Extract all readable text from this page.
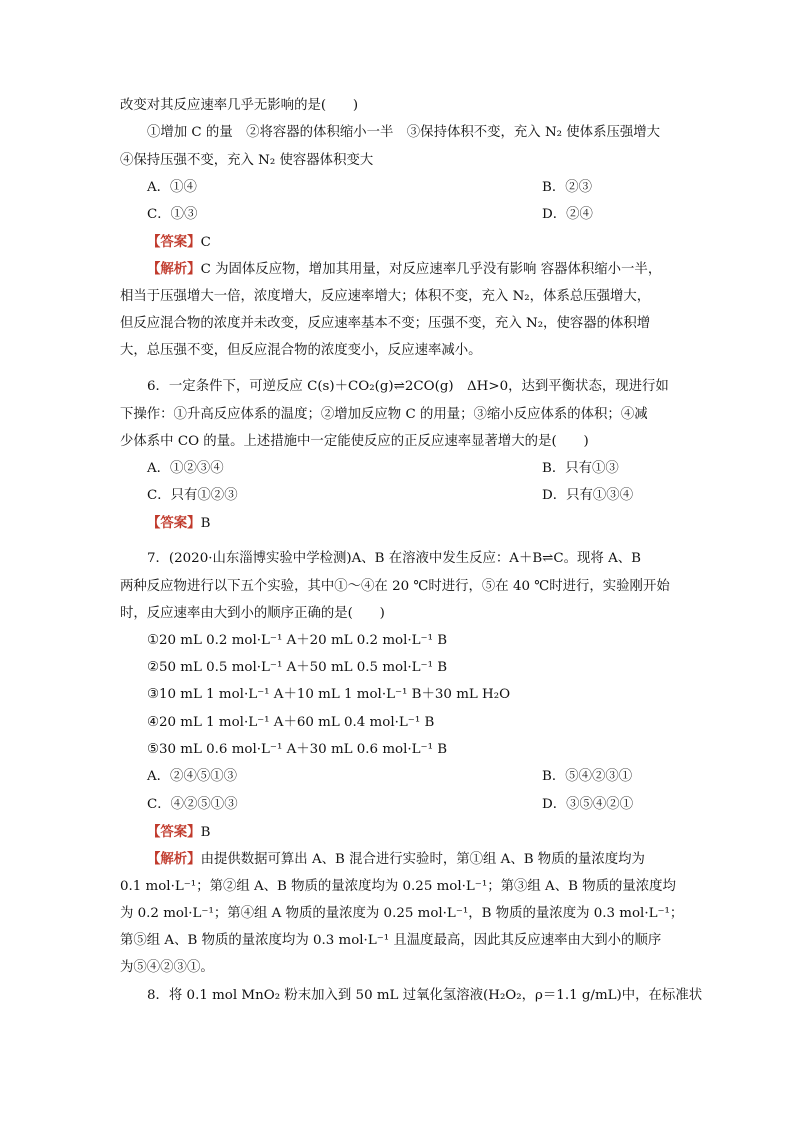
改变对其反应速率几乎无影响的是(　　)
①增加 C 的量　②将容器的体积缩小一半　③保持体积不变，充入 N₂ 使体系压强增大
④保持压强不变，充入 N₂ 使容器体积变大
A．①④	B．②③
C．①③	D．②④
【答案】C
【解析】C 为固体反应物，增加其用量，对反应速率几乎没有影响 容器体积缩小一半，
相当于压强增大一倍，浓度增大，反应速率增大；体积不变，充入 N₂，体系总压强增大，
但反应混合物的浓度并未改变，反应速率基本不变；压强不变，充入 N₂，使容器的体积增
大，总压强不变，但反应混合物的浓度变小，反应速率减小。
6．一定条件下，可逆反应 C(s)＋CO₂(g)⇌2CO(g)　ΔH>0，达到平衡状态，现进行如
下操作：①升高反应体系的温度；②增加反应物 C 的用量；③缩小反应体系的体积；④减
少体系中 CO 的量。上述措施中一定能使反应的正反应速率显著增大的是(　　)
A．①②③④	B．只有①③
C．只有①②③	D．只有①③④
【答案】B
7．(2020·山东淄博实验中学检测)A、B 在溶液中发生反应：A＋B⇌C。现将 A、B
两种反应物进行以下五个实验，其中①～④在 20 ℃时进行，⑤在 40 ℃时进行，实验刚开始
时，反应速率由大到小的顺序正确的是(　　)
①20 mL 0.2 mol·L⁻¹ A＋20 mL 0.2 mol·L⁻¹ B
②50 mL 0.5 mol·L⁻¹ A＋50 mL 0.5 mol·L⁻¹ B
③10 mL 1 mol·L⁻¹ A＋10 mL 1 mol·L⁻¹ B＋30 mL H₂O
④20 mL 1 mol·L⁻¹ A＋60 mL 0.4 mol·L⁻¹ B
⑤30 mL 0.6 mol·L⁻¹ A＋30 mL 0.6 mol·L⁻¹ B
A．②④⑤①③	B．⑤④②③①
C．④②⑤①③	D．③⑤④②①
【答案】B
【解析】由提供数据可算出 A、B 混合进行实验时，第①组 A、B 物质的量浓度均为
0.1 mol·L⁻¹；第②组 A、B 物质的量浓度均为 0.25 mol·L⁻¹；第③组 A、B 物质的量浓度均
为 0.2 mol·L⁻¹；第④组 A 物质的量浓度为 0.25 mol·L⁻¹，B 物质的量浓度为 0.3 mol·L⁻¹；
第⑤组 A、B 物质的量浓度均为 0.3 mol·L⁻¹ 且温度最高，因此其反应速率由大到小的顺序
为⑤④②③①。
8．将 0.1 mol MnO₂ 粉末加入到 50 mL 过氧化氢溶液(H₂O₂，ρ＝1.1 g/mL)中，在标准状
